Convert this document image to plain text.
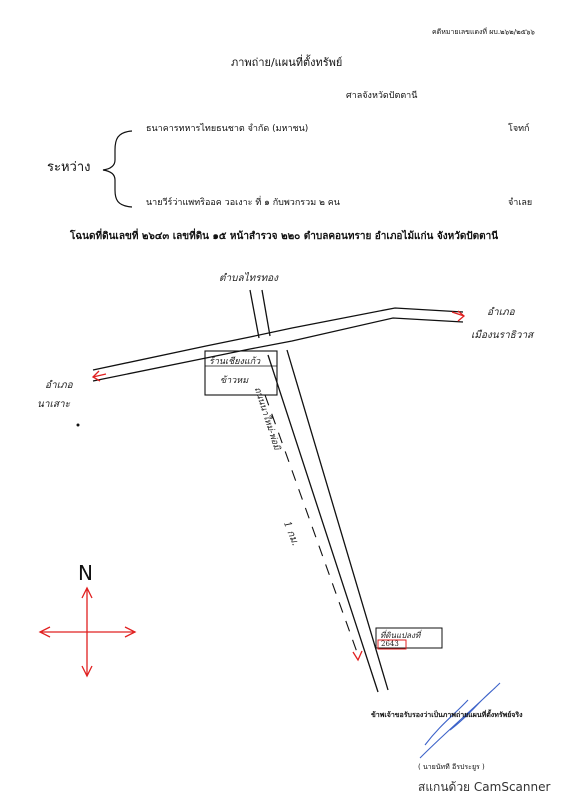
คดีหมายเลขแดงที่ ผบ.๒๖๒/๒๕๖๖
ภาพถ่าย/แผนที่ตั้งทรัพย์
ศาลจังหวัดปัตตานี
ระหว่าง
ธนาคารทหารไทยธนชาต จำกัด (มหาชน)	โจทก์
นายวีร์ว่าแพทริออค วอเงาะ ที่ ๑ กับพวกรวม ๒ คน	จำเลย
โฉนดที่ดินเลขที่ ๒๖๔๓ เลขที่ดิน ๑๕ หน้าสำรวจ ๒๒๐ ตำบลคอนทราย อำเภอไม้แก่น จังหวัดปัตตานี
ตำบลไทรทอง
อำเภอ
เมืองนราธิวาส
อำเภอ
นาเสาะ
ร้านเชียงแก้ว
ข้าวหม
ถนนนาใหม่-พ่อมิ
1 กม.
ที่ดินแปลงที่
2643
N
ข้าพเจ้าขอรับรองว่าเป็นภาพถ่ายแผนที่ตั้งทรัพย์จริง
( นายนัทที อีรประยูร )
สแกนด้วย CamScanner
